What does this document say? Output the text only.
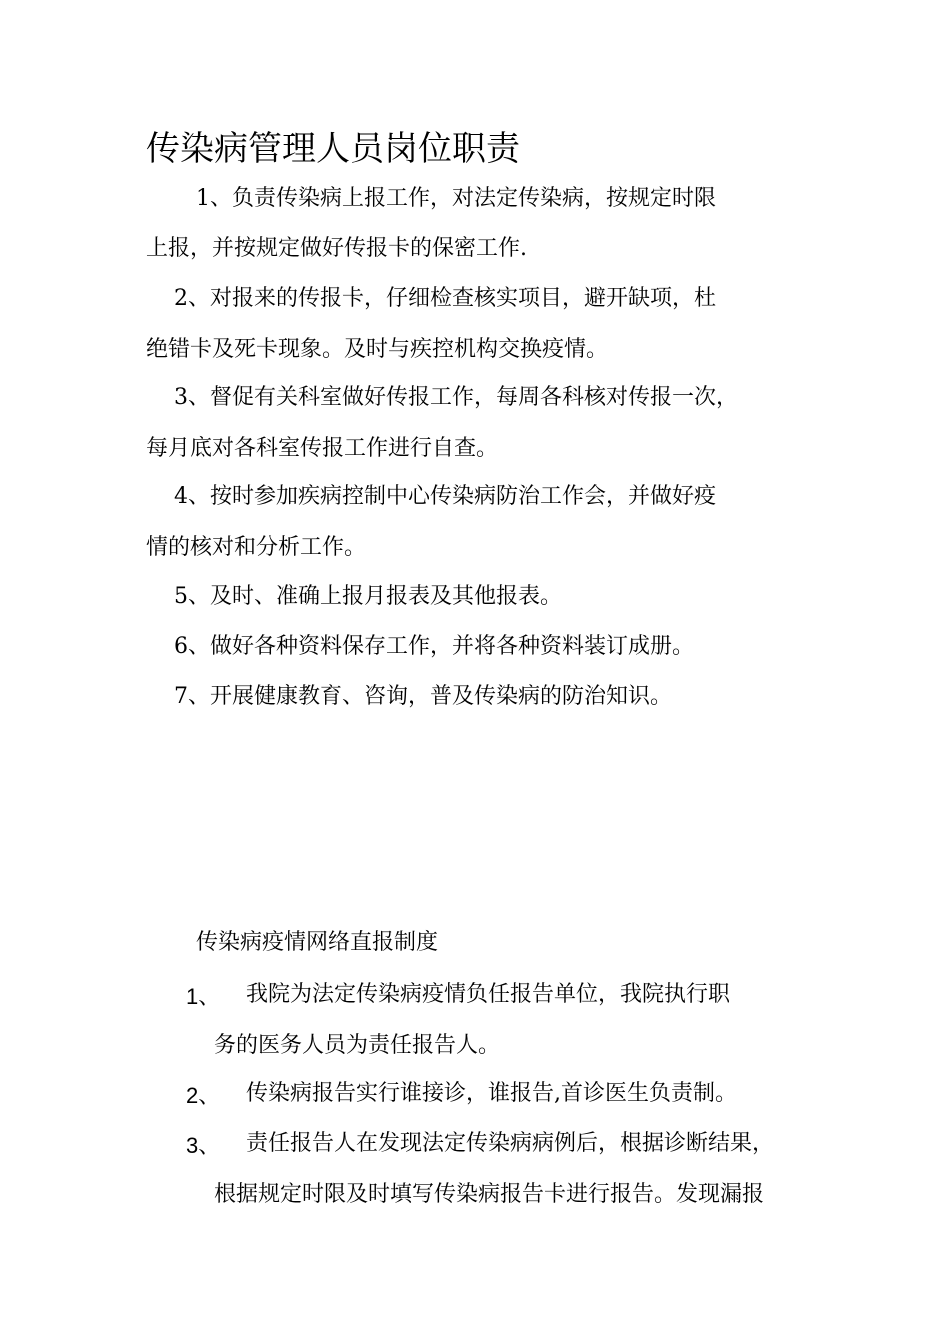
传染病管理人员岗位职责
1、负责传染病上报工作，对法定传染病，按规定时限
上报，并按规定做好传报卡的保密工作.
2、对报来的传报卡，仔细检查核实项目，避开缺项，杜
绝错卡及死卡现象。及时与疾控机构交换疫情。
3、督促有关科室做好传报工作，每周各科核对传报一次，
每月底对各科室传报工作进行自查。
4、按时参加疾病控制中心传染病防治工作会，并做好疫
情的核对和分析工作。
5、及时、准确上报月报表及其他报表。
6、做好各种资料保存工作，并将各种资料装订成册。
7、开展健康教育、咨询，普及传染病的防治知识。
传染病疫情网络直报制度
1、 我院为法定传染病疫情负任报告单位，我院执行职
务的医务人员为责任报告人。
2、 传染病报告实行谁接诊，谁报告,首诊医生负责制。
3、 责任报告人在发现法定传染病病例后，根据诊断结果，
根据规定时限及时填写传染病报告卡进行报告。发现漏报
